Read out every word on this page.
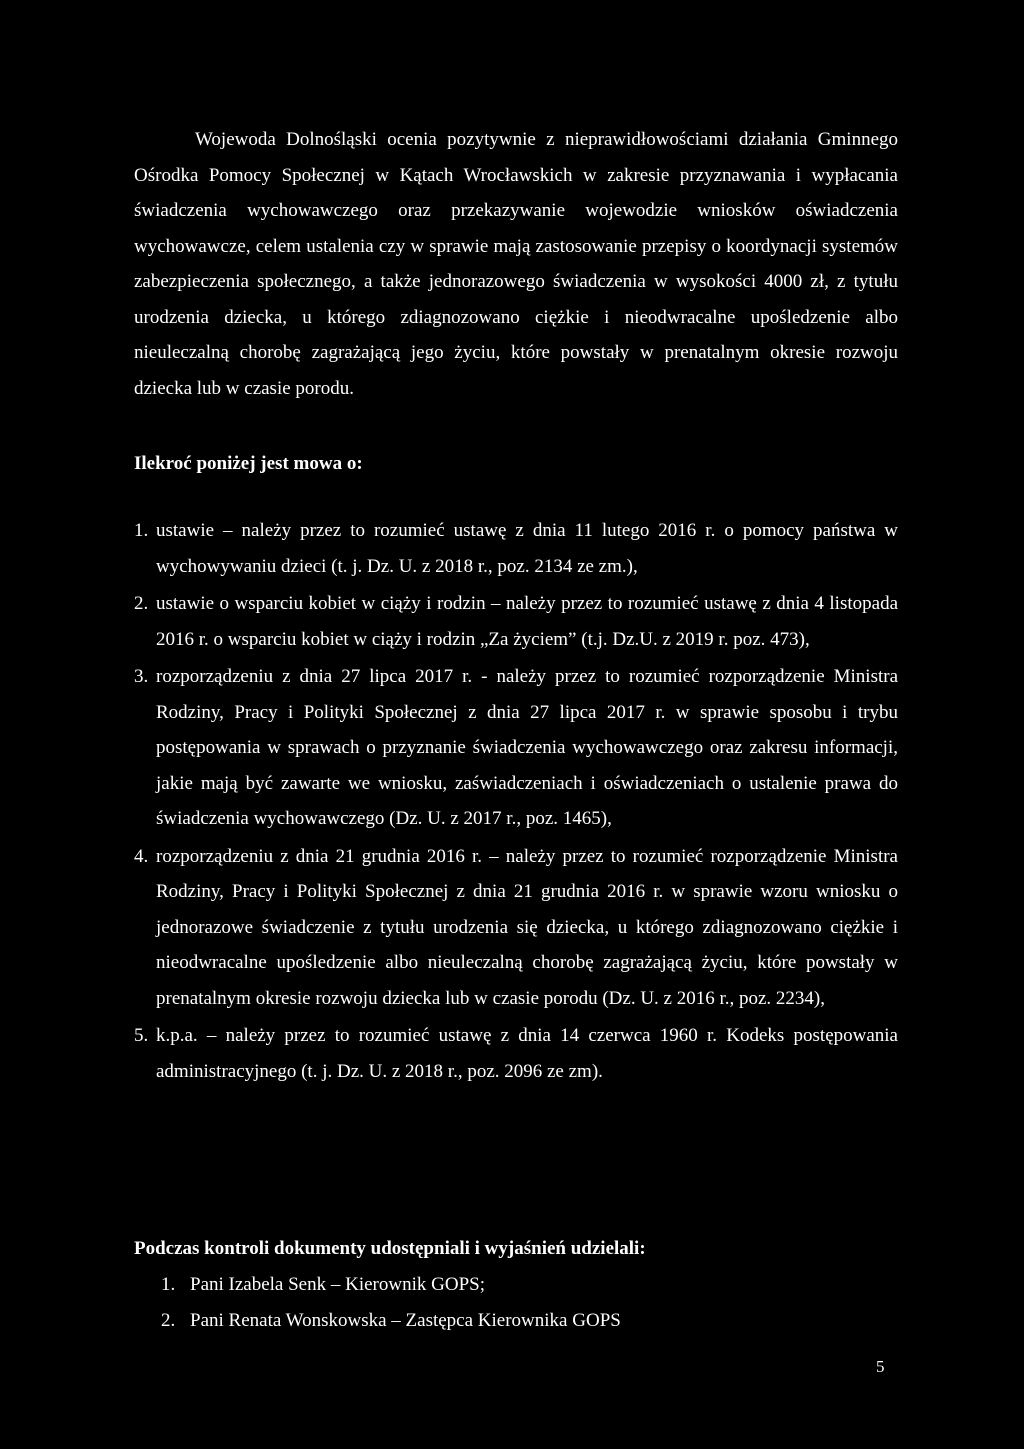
Wojewoda Dolnośląski ocenia pozytywnie z nieprawidłowościami działania Gminnego Ośrodka Pomocy Społecznej w Kątach Wrocławskich w zakresie przyznawania i wypłacania świadczenia wychowawczego oraz przekazywanie wojewodzie wniosków oświadczenia wychowawcze, celem ustalenia czy w sprawie mają zastosowanie przepisy o koordynacji systemów zabezpieczenia społecznego, a także jednorazowego świadczenia w wysokości 4000 zł, z tytułu urodzenia dziecka, u którego zdiagnozowano ciężkie i nieodwracalne upośledzenie albo nieuleczalną chorobę zagrażającą jego życiu, które powstały w prenatalnym okresie rozwoju dziecka lub w czasie porodu.

Ilekroć poniżej jest mowa o:

1. ustawie – należy przez to rozumieć ustawę z dnia 11 lutego 2016 r. o pomocy państwa w wychowywaniu dzieci (t. j. Dz. U. z 2018 r., poz. 2134 ze zm.),
2. ustawie o wsparciu kobiet w ciąży i rodzin – należy przez to rozumieć ustawę z dnia 4 listopada 2016 r. o wsparciu kobiet w ciąży i rodzin „Za życiem” (t.j. Dz.U. z 2019 r. poz. 473),
3. rozporządzeniu z dnia 27 lipca 2017 r. - należy przez to rozumieć rozporządzenie Ministra Rodziny, Pracy i Polityki Społecznej z dnia 27 lipca 2017 r. w sprawie sposobu i trybu postępowania w sprawach o przyznanie świadczenia wychowawczego oraz zakresu informacji, jakie mają być zawarte we wniosku, zaświadczeniach i oświadczeniach o ustalenie prawa do świadczenia wychowawczego (Dz. U. z 2017 r., poz. 1465),
4. rozporządzeniu z dnia 21 grudnia 2016 r. – należy przez to rozumieć rozporządzenie Ministra Rodziny, Pracy i Polityki Społecznej z dnia 21 grudnia 2016 r. w sprawie wzoru wniosku o jednorazowe świadczenie z tytułu urodzenia się dziecka, u którego zdiagnozowano ciężkie i nieodwracalne upośledzenie albo nieuleczalną chorobę zagrażającą życiu, które powstały w prenatalnym okresie rozwoju dziecka lub w czasie porodu (Dz. U. z 2016 r., poz. 2234),
5. k.p.a. – należy przez to rozumieć ustawę z dnia 14 czerwca 1960 r. Kodeks postępowania administracyjnego (t. j. Dz. U. z 2018 r., poz. 2096 ze zm).

Podczas kontroli dokumenty udostępniali i wyjaśnień udzielali:

1. Pani Izabela Senk – Kierownik GOPS;
2. Pani Renata Wonskowska – Zastępca Kierownika GOPS

5
